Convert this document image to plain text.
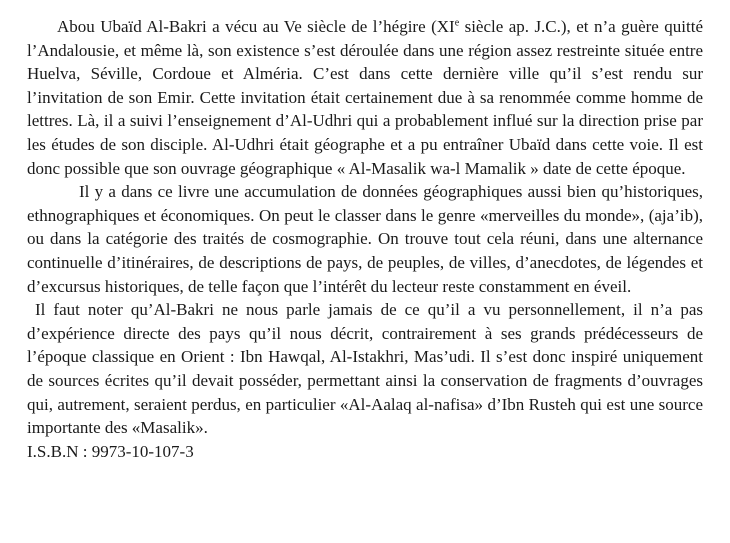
Abou Ubaïd Al-Bakri a vécu au Ve siècle de l’hégire (XIe siècle ap. J.C.), et n’a guère quitté l’Andalousie, et même là, son existence s’est déroulée dans une région assez restreinte située entre Huelva, Séville, Cordoue et Alméria. C’est dans cette dernière ville qu’il s’est rendu sur l’invitation de son Emir. Cette invitation était certainement due à sa renommée comme homme de lettres. Là, il a suivi l’enseignement d’Al-Udhri qui a probablement influé sur la direction prise par les études de son disciple. Al-Udhri était géographe et a pu entraîner Ubaïd dans cette voie. Il est donc possible que son ouvrage géographique « Al-Masalik wa-l Mamalik » date de cette époque.

Il y a dans ce livre une accumulation de données géographiques aussi bien qu’historiques, ethnographiques et économiques. On peut le classer dans le genre «merveilles du monde», (aja’ib), ou dans la catégorie des traités de cosmographie. On trouve tout cela réuni, dans une alternance continuelle d’itinéraires, de descriptions de pays, de peuples, de villes, d’anecdotes, de légendes et d’excursus historiques, de telle façon que l’intérêt du lecteur reste constamment en éveil.

Il faut noter qu’Al-Bakri ne nous parle jamais de ce qu’il a vu personnellement, il n’a pas d’expérience directe des pays qu’il nous décrit, contrairement à ses grands prédécesseurs de l’époque classique en Orient : Ibn Hawqal, Al-Istakhri, Mas’udi. Il s’est donc inspiré uniquement de sources écrites qu’il devait posséder, permettant ainsi la conservation de fragments d’ouvrages qui, autrement, seraient perdus, en particulier «Al-Aalaq al-nafisa» d’Ibn Rusteh qui est une source importante des «Masalik».

I.S.B.N : 9973-10-107-3
